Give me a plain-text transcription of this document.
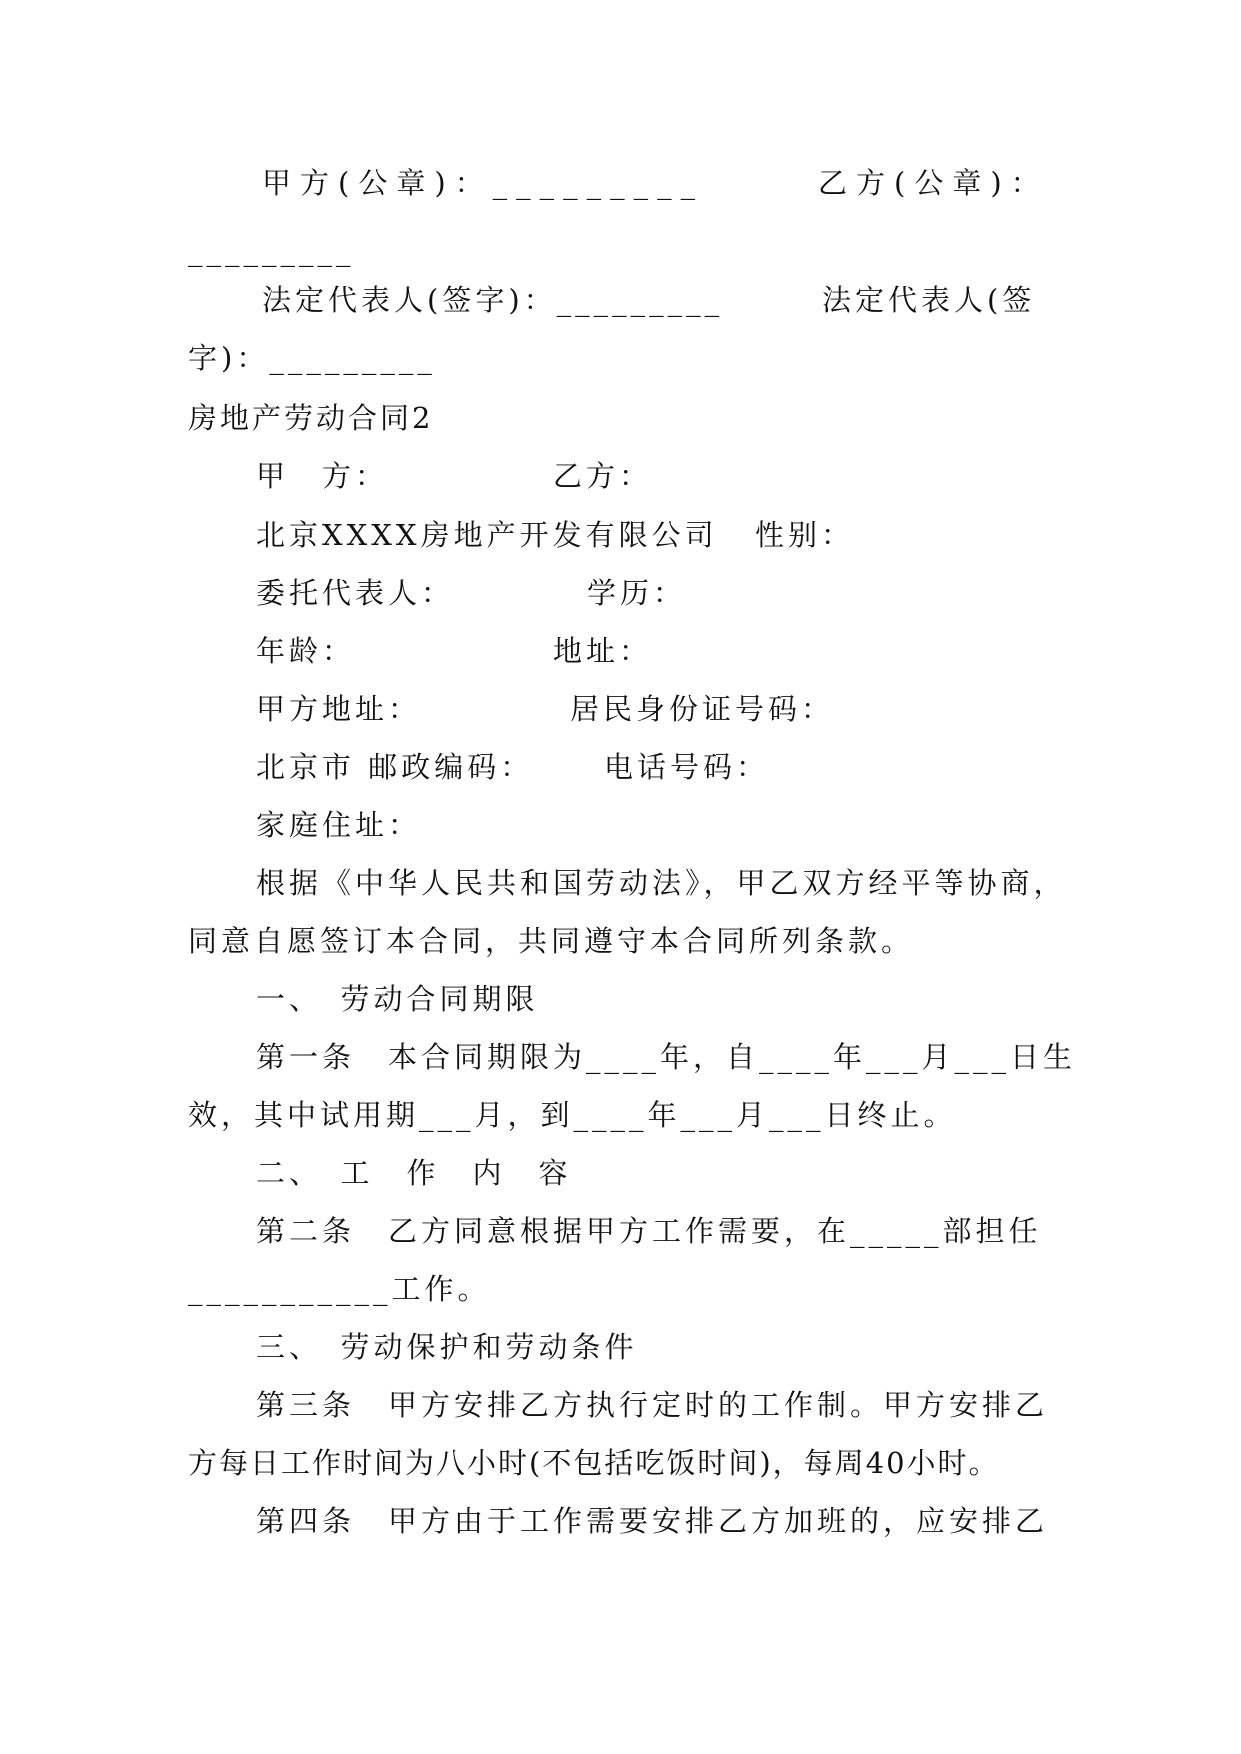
甲方(公章)：_________	乙方(公章)：
_________
法定代表人(签字)：_________	法定代表人(签
字)：_________
房地产劳动合同2
甲　方：	乙方：
北京XXXX房地产开发有限公司 性别：
委托代表人：	学历：
年龄：	地址：
甲方地址：	居民身份证号码：
北京市 邮政编码： 电话号码：
家庭住址：
根据《中华人民共和国劳动法》，甲乙双方经平等协商，
同意自愿签订本合同，共同遵守本合同所列条款。
一、　劳动合同期限
第一条　本合同期限为____年，自____年___月___日生
效，其中试用期___月，到____年___月___日终止。
二、　工　作　内　容
第二条　乙方同意根据甲方工作需要，在_____部担任
___________工作。
三、　劳动保护和劳动条件
第三条　甲方安排乙方执行定时的工作制。甲方安排乙
方每日工作时间为八小时(不包括吃饭时间)，每周40小时。
第四条　甲方由于工作需要安排乙方加班的，应安排乙
